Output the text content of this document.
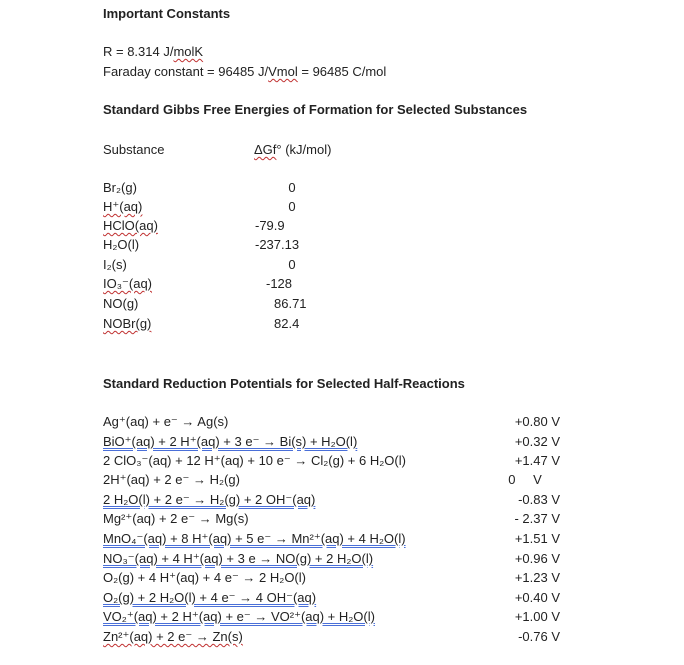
Important Constants
R = 8.314 J/molK
Faraday constant = 96485 J/Vmol = 96485 C/mol
Standard Gibbs Free Energies of Formation for Selected Substances
Substance	ΔGf° (kJ/mol)
Br₂(g)	0
H⁺(aq)	0
HClO(aq)	-79.9
H₂O(l)	-237.13
I₂(s)	0
IO₃⁻(aq)	-128
NO(g)	86.71
NOBr(g)	82.4
Standard Reduction Potentials for Selected Half-Reactions
Ag⁺(aq) + e⁻ → Ag(s)	+0.80 V
BiO⁺(aq) + 2 H⁺(aq) + 3 e⁻ → Bi(s) + H₂O(l)	+0.32 V
2 ClO₃⁻(aq) + 12 H⁺(aq) + 10 e⁻ → Cl₂(g) + 6 H₂O(l)	+1.47 V
2H⁺(aq) + 2 e⁻ → H₂(g)	0 V
2 H₂O(l) + 2 e⁻ → H₂(g) + 2 OH⁻(aq)	-0.83 V
Mg²⁺(aq) + 2 e⁻ → Mg(s)	- 2.37 V
MnO₄⁻(aq) + 8 H⁺(aq) + 5 e⁻ → Mn²⁺(aq) + 4 H₂O(l)	+1.51 V
NO₃⁻(aq) + 4 H⁺(aq) + 3 e → NO(g) + 2 H₂O(l)	+0.96 V
O₂(g) + 4 H⁺(aq) + 4 e⁻ → 2 H₂O(l)	+1.23 V
O₂(g) + 2 H₂O(l) + 4 e⁻ → 4 OH⁻(aq)	+0.40 V
VO₂⁺(aq) + 2 H⁺(aq) + e⁻ → VO²⁺(aq) + H₂O(l)	+1.00 V
Zn²⁺(aq) + 2 e⁻ → Zn(s)	-0.76 V
